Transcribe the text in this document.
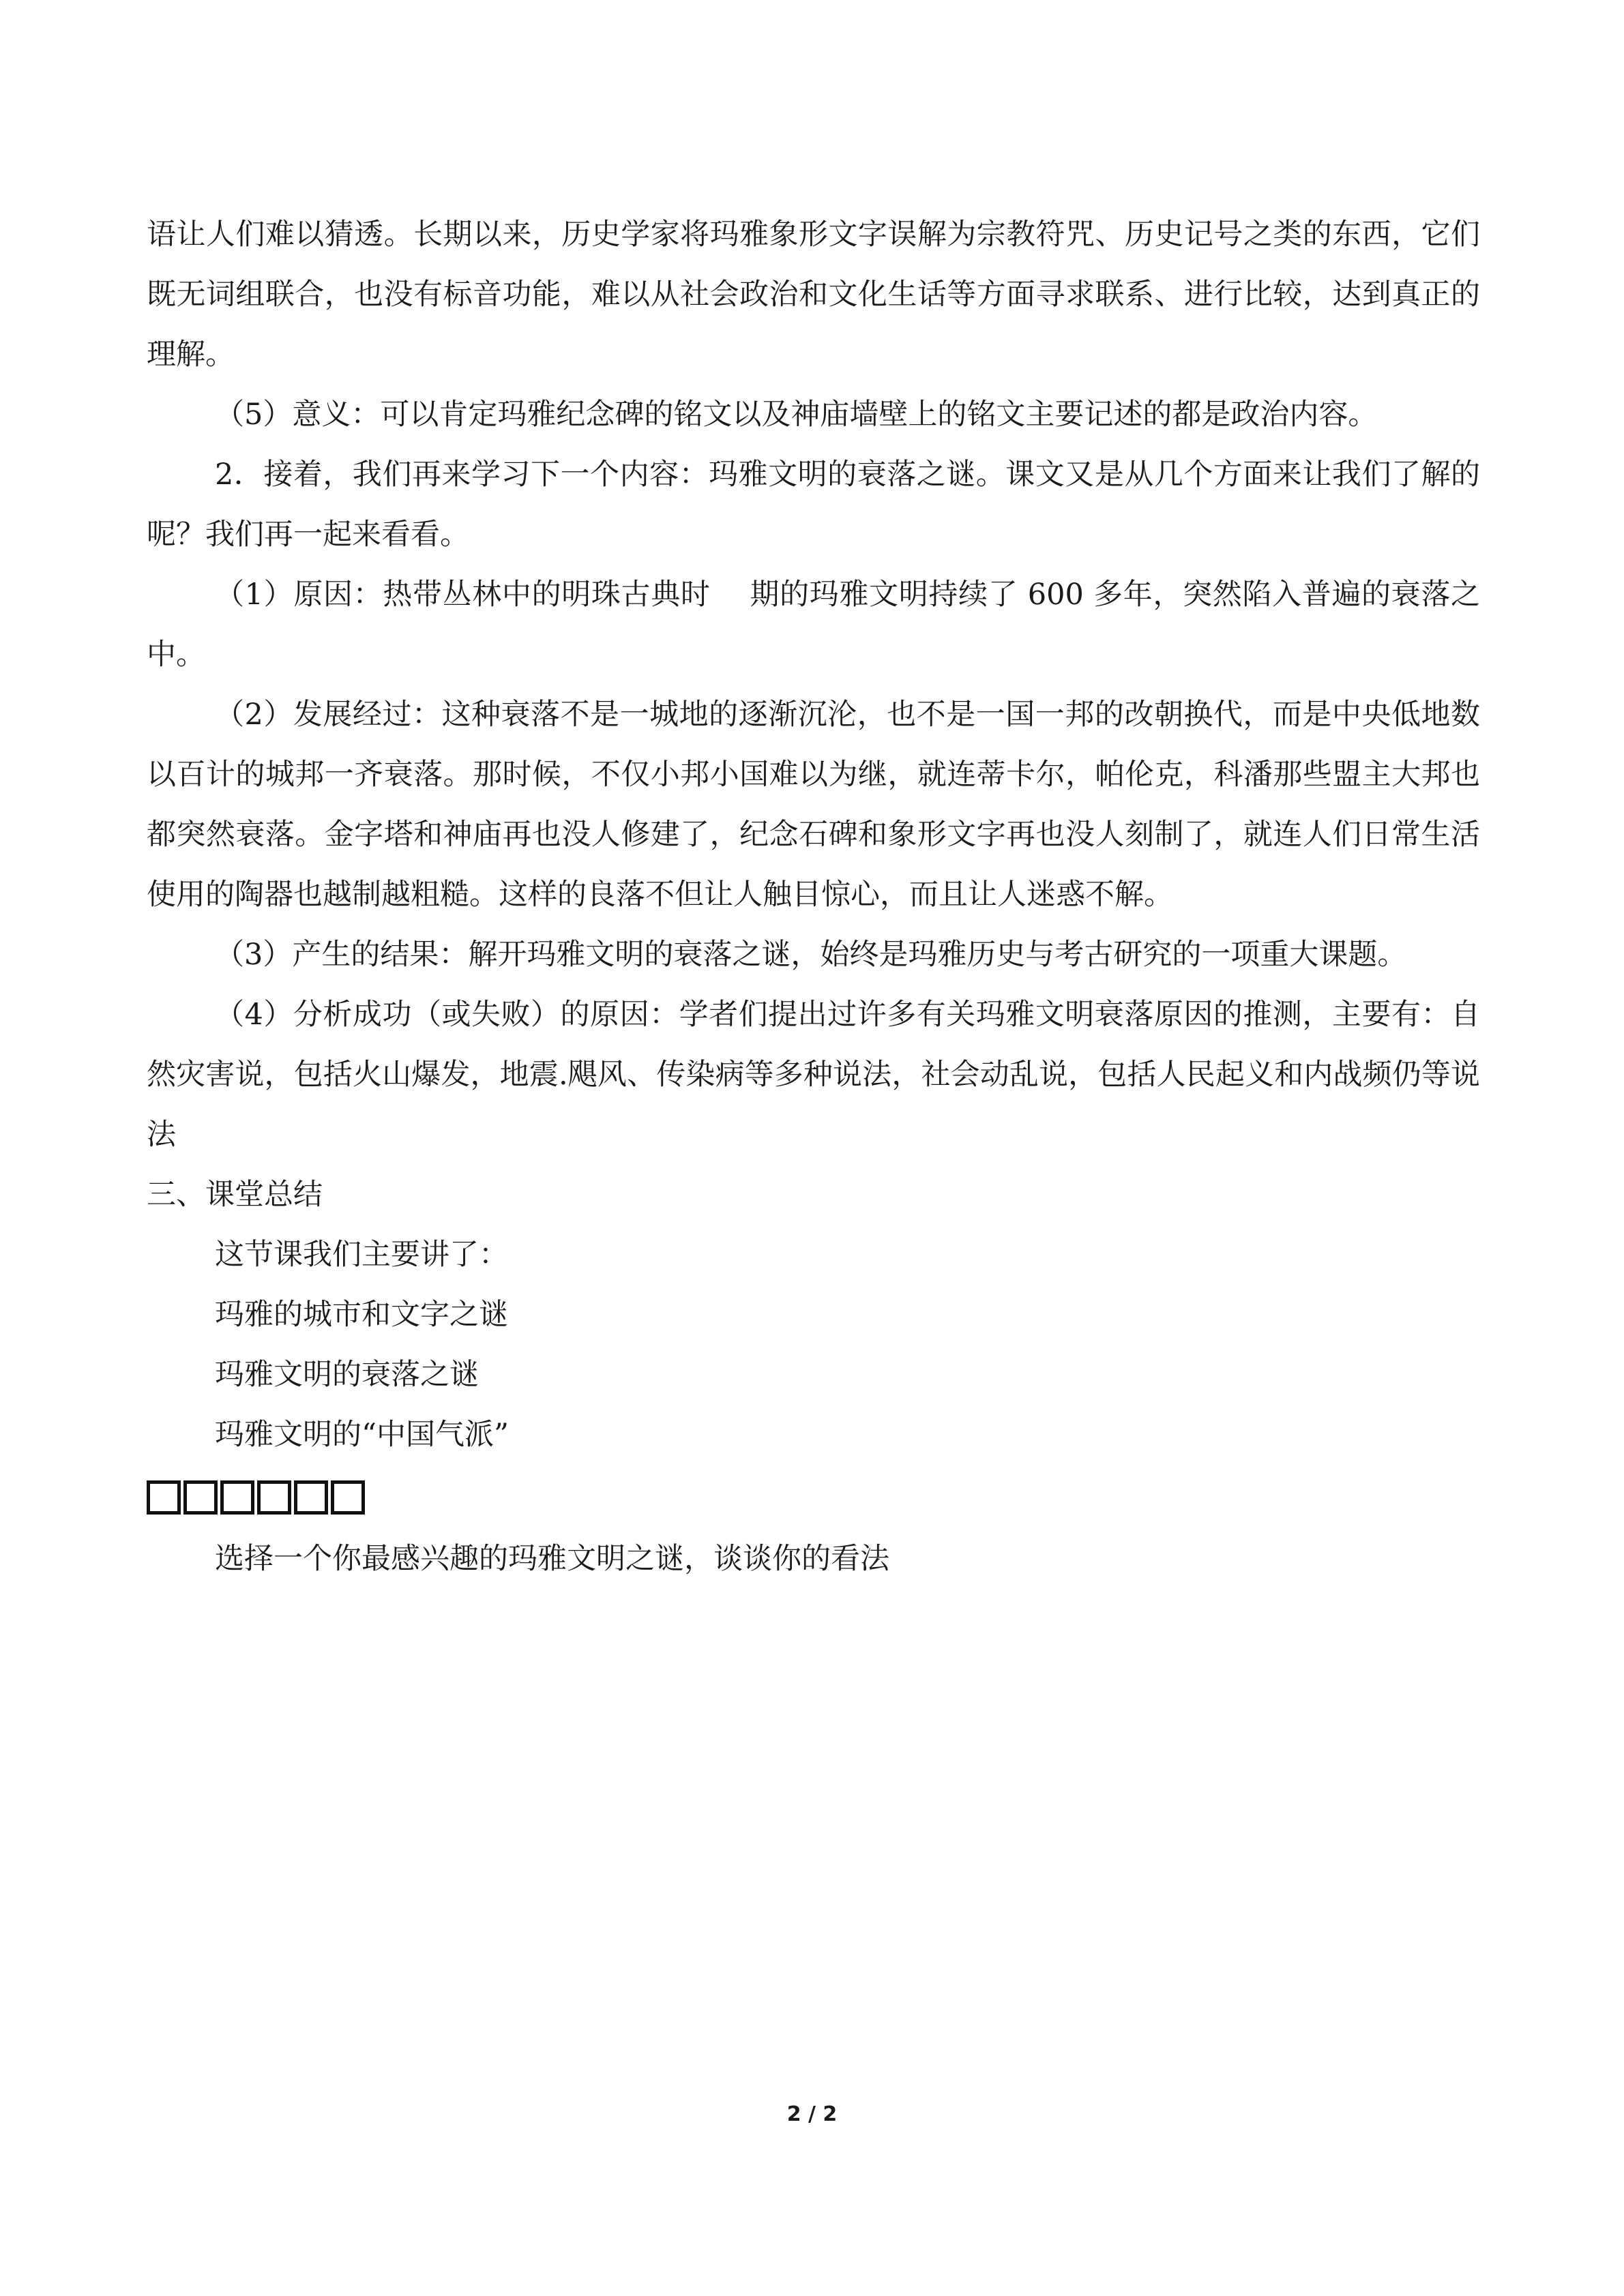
语让人们难以猜透。长期以来，历史学家将玛雅象形文字误解为宗教符咒、历史记号之类的东西，它们既无词组联合，也没有标音功能，难以从社会政治和文化生话等方面寻求联系、进行比较，达到真正的理解。

（5）意义：可以肯定玛雅纪念碑的铭文以及神庙墙壁上的铭文主要记述的都是政治内容。

2．接着，我们再来学习下一个内容：玛雅文明的衰落之谜。课文又是从几个方面来让我们了解的呢？我们再一起来看看。

（1）原因：热带丛林中的明珠古典时　 期的玛雅文明持续了 600 多年，突然陷入普遍的衰落之中。

（2）发展经过：这种衰落不是一城地的逐渐沉沦，也不是一国一邦的改朝换代，而是中央低地数以百计的城邦一齐衰落。那时候，不仅小邦小国难以为继，就连蒂卡尔，帕伦克，科潘那些盟主大邦也都突然衰落。金字塔和神庙再也没人修建了，纪念石碑和象形文字再也没人刻制了，就连人们日常生活使用的陶器也越制越粗糙。这样的良落不但让人触目惊心，而且让人迷惑不解。

（3）产生的结果：解开玛雅文明的衰落之谜，始终是玛雅历史与考古研究的一项重大课题。

（4）分析成功（或失败）的原因：学者们提出过许多有关玛雅文明衰落原因的推测，主要有：自然灾害说，包括火山爆发，地震.飓风、传染病等多种说法，社会动乱说，包括人民起义和内战频仍等说法

三、课堂总结

这节课我们主要讲了：

玛雅的城市和文字之谜

玛雅文明的衰落之谜

玛雅文明的“中国气派”

选择一个你最感兴趣的玛雅文明之谜，谈谈你的看法

2 / 2
